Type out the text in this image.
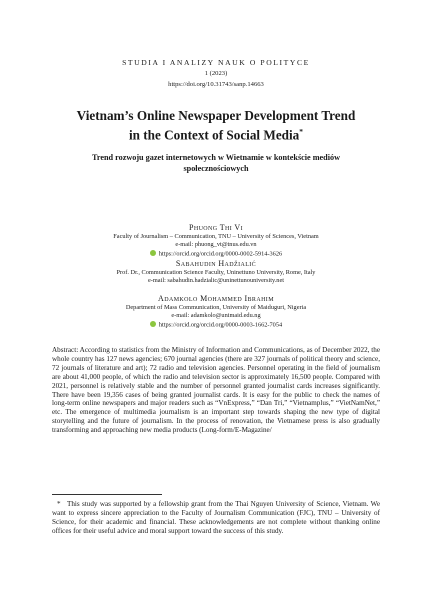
STUDIA I ANALIZY NAUK O POLITYCE
1 (2023)
https://doi.org/10.31743/sanp.14663
Vietnam’s Online Newspaper Development Trend
in the Context of Social Media*
Trend rozwoju gazet internetowych w Wietnamie w kontekście mediów
społecznościowych
Phuong Thi Vi
Faculty of Journalism – Communication, TNU – University of Sciences, Vietnam
e-mail: phuong_vt@tnus.edu.vn
https://orcid.org/orcid.org/0000-0002-5914-3626
Sabahudin Hadžialić
Prof. Dr., Communication Science Faculty, Uninettuno University, Rome, Italy
e-mail: sabahudin.hadzialic@uninettunouniversity.net
Adamkolo Mohammed Ibrahim
Department of Mass Communication, University of Maiduguri, Nigeria
e-mail: adamkolo@unimaid.edu.ng
https://orcid.org/orcid.org/0000-0003-1662-7054
Abstract: According to statistics from the Ministry of Information and Communications, as of December 2022, the whole country has 127 news agencies; 670 journal agencies (there are 327 journals of political theory and science, 72 journals of literature and art); 72 radio and television agencies. Personnel operating in the field of journalism are about 41,000 people, of which the radio and television sector is approximately 16,500 people. Compared with 2021, personnel is relatively stable and the number of personnel granted journalist cards increases significantly. There have been 19,356 cases of being granted journalist cards. It is easy for the public to check the names of long-term online newspapers and major readers such as “VnExpress,” “Dan Tri,” “Vietnamplus,” “VietNamNet,” etc. The emergence of multimedia journalism is an important step towards shaping the new type of digital storytelling and the future of journalism. In the process of renovation, the Vietnamese press is also gradually transforming and approaching new media products (Long-form/E-Magazine/
* This study was supported by a fellowship grant from the Thai Nguyen University of Science, Vietnam. We want to express sincere appreciation to the Faculty of Journalism Communication (FJC), TNU – University of Science, for their academic and financial. These acknowledgements are not complete without thanking online offices for their useful advice and moral support toward the success of this study.
